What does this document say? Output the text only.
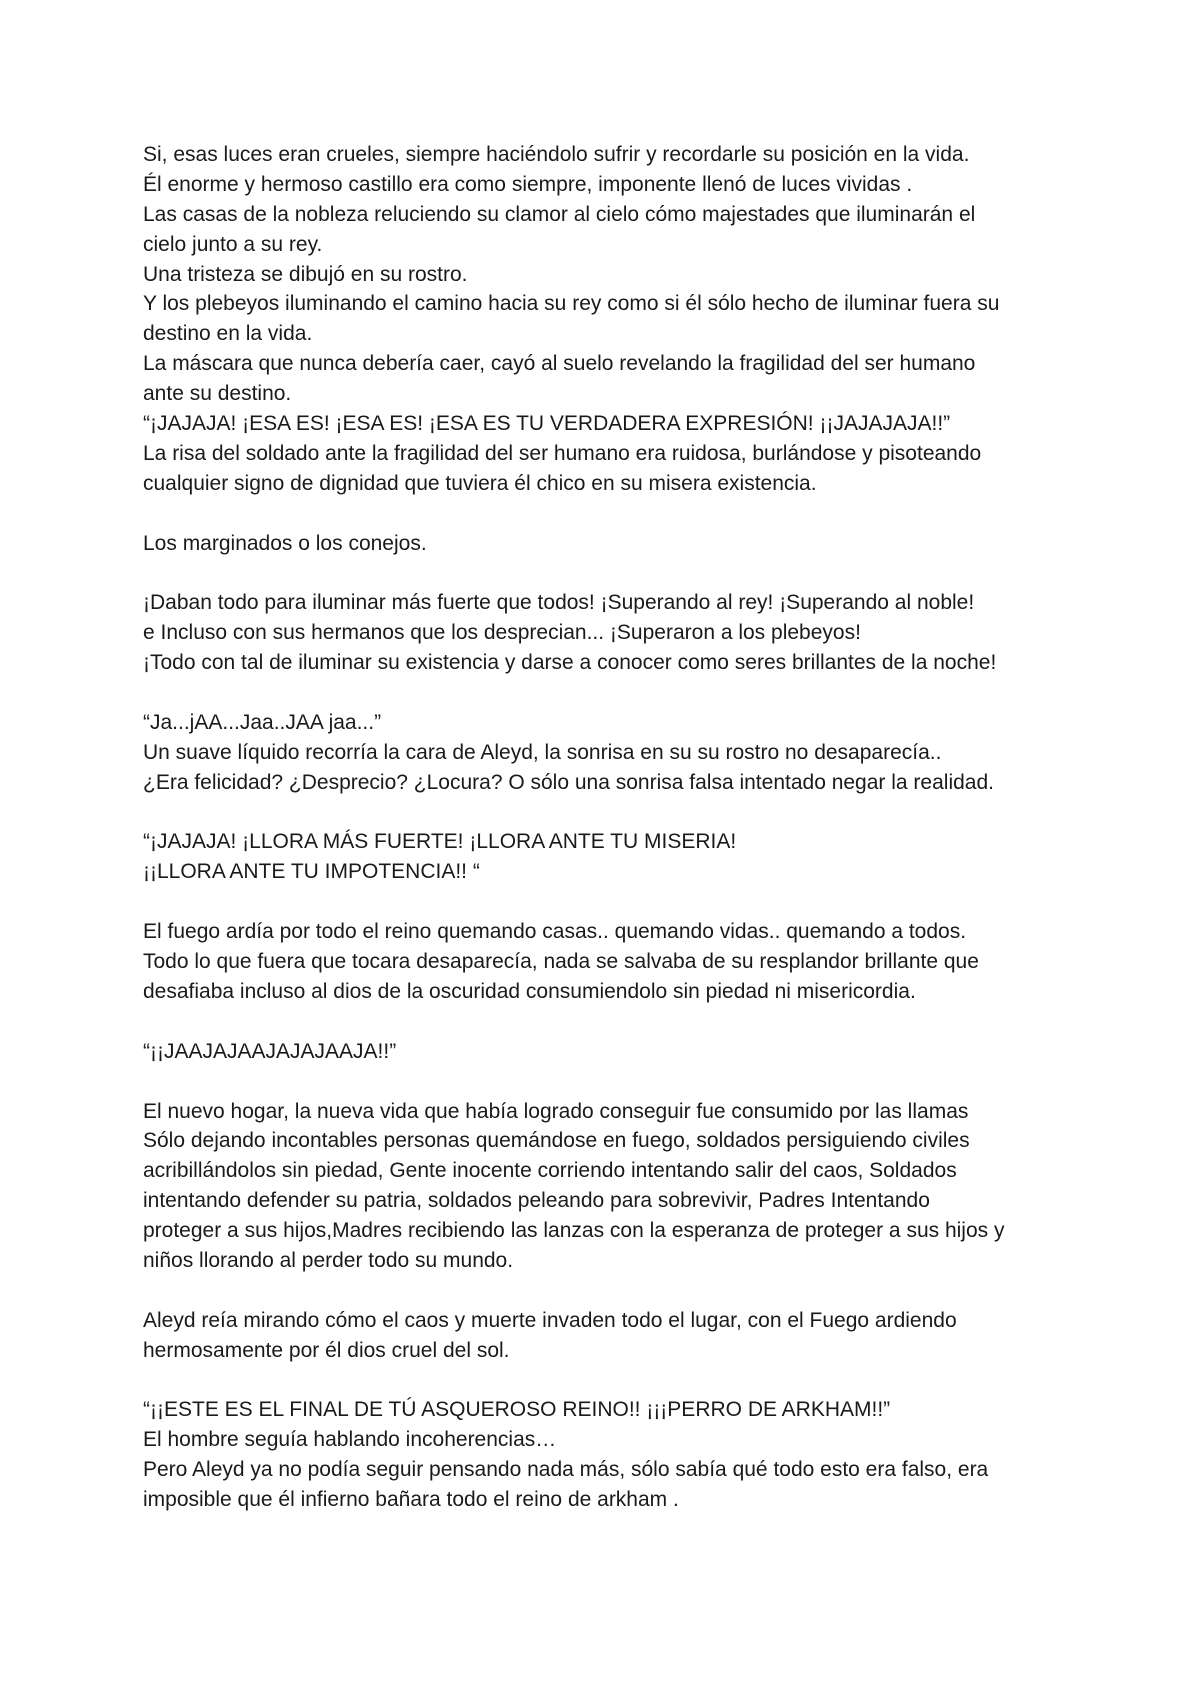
Si, esas luces eran crueles, siempre haciéndolo sufrir y recordarle su posición en la vida.
Él enorme y hermoso castillo era como siempre, imponente llenó de luces vividas .
Las casas de la nobleza reluciendo su clamor al cielo cómo majestades que iluminarán el
cielo junto a su rey.
Una tristeza se dibujó en su rostro.
Y los plebeyos iluminando el camino hacia su rey como si él sólo hecho de iluminar fuera su
destino en la vida.
La máscara que nunca debería caer, cayó al suelo revelando la fragilidad del ser humano
ante su destino.
“¡JAJAJA! ¡ESA ES! ¡ESA ES! ¡ESA ES TU VERDADERA EXPRESIÓN! ¡¡JAJAJAJA!!”
La risa del soldado ante la fragilidad del ser humano era ruidosa, burlándose y pisoteando
cualquier signo de dignidad que tuviera él chico en su misera existencia.
Los marginados o los conejos.
¡Daban todo para iluminar más fuerte que todos! ¡Superando al rey! ¡Superando al noble!
e Incluso con sus hermanos que los desprecian... ¡Superaron a los plebeyos!
¡Todo con tal de iluminar su existencia y darse a conocer como seres brillantes de la noche!
“Ja...jAA...Jaa..JAA jaa...”
Un suave líquido recorría la cara de Aleyd, la sonrisa en su su rostro no desaparecía..
¿Era felicidad? ¿Desprecio? ¿Locura? O sólo una sonrisa falsa intentado negar la realidad.
“¡JAJAJA! ¡LLORA MÁS FUERTE! ¡LLORA ANTE TU MISERIA!
¡¡LLORA ANTE TU IMPOTENCIA!! “
El fuego ardía por todo el reino quemando casas.. quemando vidas.. quemando a todos.
Todo lo que fuera que tocara desaparecía, nada se salvaba de su resplandor brillante que
desafiaba incluso al dios de la oscuridad consumiendolo sin piedad ni misericordia.
“¡¡JAAJAJAAJAJAJAAJA!!”
El nuevo hogar, la nueva vida que había logrado conseguir fue consumido por las llamas
Sólo dejando incontables personas quemándose en fuego, soldados persiguiendo civiles
acribillándolos sin piedad, Gente inocente corriendo intentando salir del caos, Soldados
intentando defender su patria, soldados peleando para sobrevivir, Padres Intentando
proteger a sus hijos,Madres recibiendo las lanzas con la esperanza de proteger a sus hijos y
niños llorando al perder todo su mundo.
Aleyd reía mirando cómo el caos y muerte invaden todo el lugar, con el Fuego ardiendo
hermosamente por él dios cruel del sol.
“¡¡ESTE ES EL FINAL DE TÚ ASQUEROSO REINO!! ¡¡¡PERRO DE ARKHAM!!”
El hombre seguía hablando incoherencias…
Pero Aleyd ya no podía seguir pensando nada más, sólo sabía qué todo esto era falso, era
imposible que él infierno bañara todo el reino de arkham .
